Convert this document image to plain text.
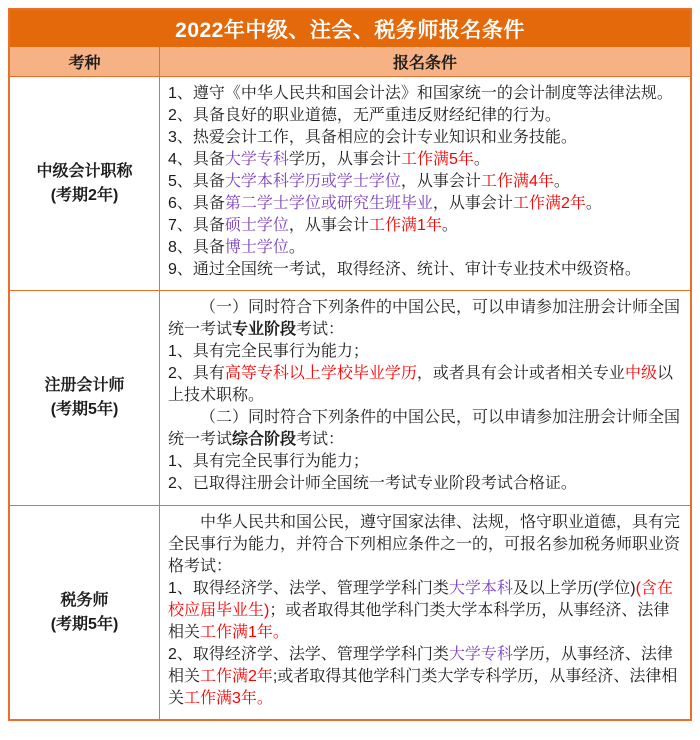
2022年中级、注会、税务师报名条件
考种	报名条件
中级会计职称
(考期2年)
1、遵守《中华人民共和国会计法》和国家统一的会计制度等法律法规。
2、具备良好的职业道德，无严重违反财经纪律的行为。
3、热爱会计工作，具备相应的会计专业知识和业务技能。
4、具备大学专科学历，从事会计工作满5年。
5、具备大学本科学历或学士学位，从事会计工作满4年。
6、具备第二学士学位或研究生班毕业，从事会计工作满2年。
7、具备硕士学位，从事会计工作满1年。
8、具备博士学位。
9、通过全国统一考试，取得经济、统计、审计专业技术中级资格。
注册会计师
(考期5年)
（一）同时符合下列条件的中国公民，可以申请参加注册会计师全国统一考试专业阶段考试：
1、具有完全民事行为能力；
2、具有高等专科以上学校毕业学历，或者具有会计或者相关专业中级以上技术职称。
（二）同时符合下列条件的中国公民，可以申请参加注册会计师全国统一考试综合阶段考试：
1、具有完全民事行为能力；
2、已取得注册会计师全国统一考试专业阶段考试合格证。
税务师
(考期5年)
中华人民共和国公民，遵守国家法律、法规，恪守职业道德，具有完全民事行为能力，并符合下列相应条件之一的，可报名参加税务师职业资格考试：
1、取得经济学、法学、管理学学科门类大学本科及以上学历(学位)(含在校应届毕业生)；或者取得其他学科门类大学本科学历，从事经济、法律相关工作满1年。
2、取得经济学、法学、管理学学科门类大学专科学历，从事经济、法律相关工作满2年;或者取得其他学科门类大学专科学历，从事经济、法律相关工作满3年。
